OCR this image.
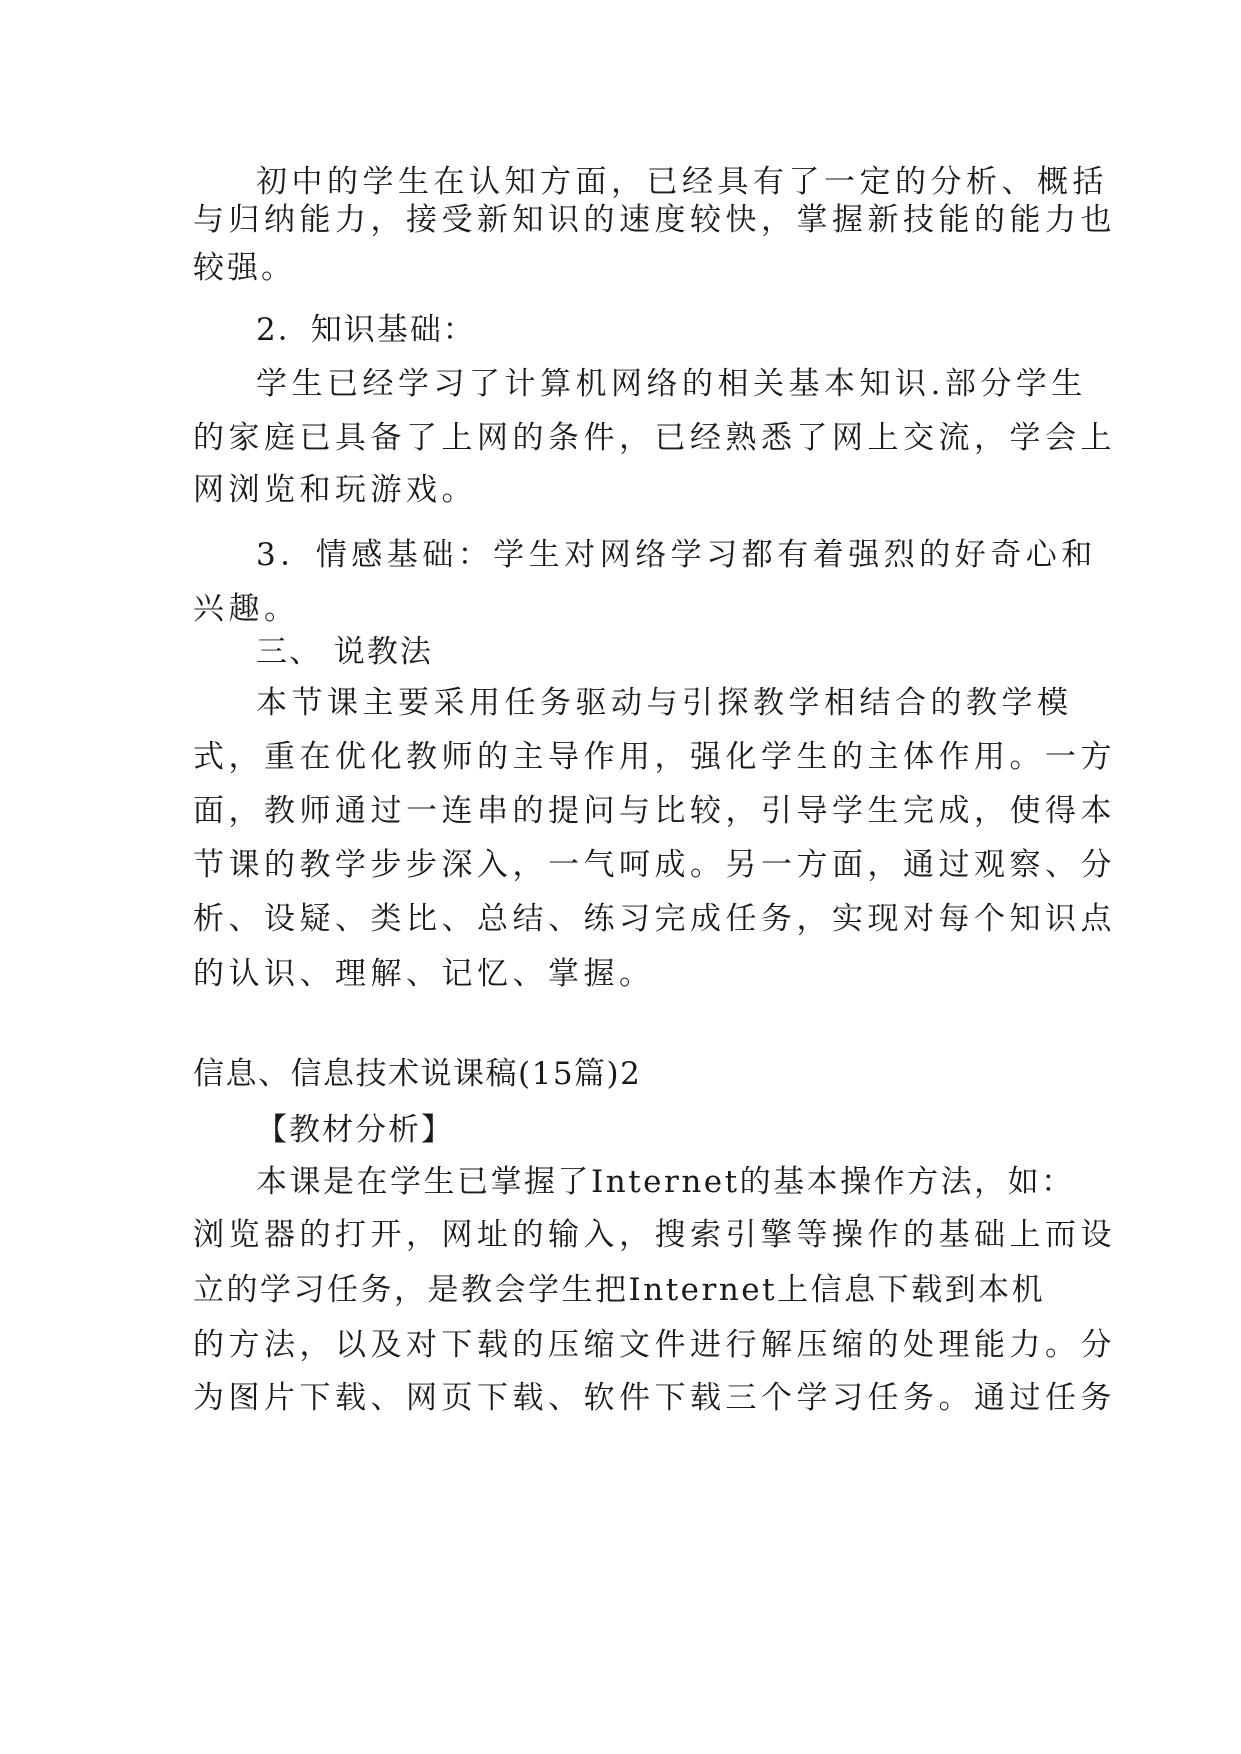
初中的学生在认知方面，已经具有了一定的分析、概括
与归纳能力，接受新知识的速度较快，掌握新技能的能力也
较强。
2．知识基础：
学生已经学习了计算机网络的相关基本知识.部分学生
的家庭已具备了上网的条件，已经熟悉了网上交流，学会上
网浏览和玩游戏。
3．情感基础：学生对网络学习都有着强烈的好奇心和
兴趣。
三、 说教法
本节课主要采用任务驱动与引探教学相结合的教学模
式，重在优化教师的主导作用，强化学生的主体作用。一方
面，教师通过一连串的提问与比较，引导学生完成，使得本
节课的教学步步深入，一气呵成。另一方面，通过观察、分
析、设疑、类比、总结、练习完成任务，实现对每个知识点
的认识、理解、记忆、掌握。
信息、信息技术说课稿(15篇)2
【教材分析】
本课是在学生已掌握了Internet的基本操作方法，如：
浏览器的打开，网址的输入，搜索引擎等操作的基础上而设
立的学习任务，是教会学生把Internet上信息下载到本机
的方法，以及对下载的压缩文件进行解压缩的处理能力。分
为图片下载、网页下载、软件下载三个学习任务。通过任务
